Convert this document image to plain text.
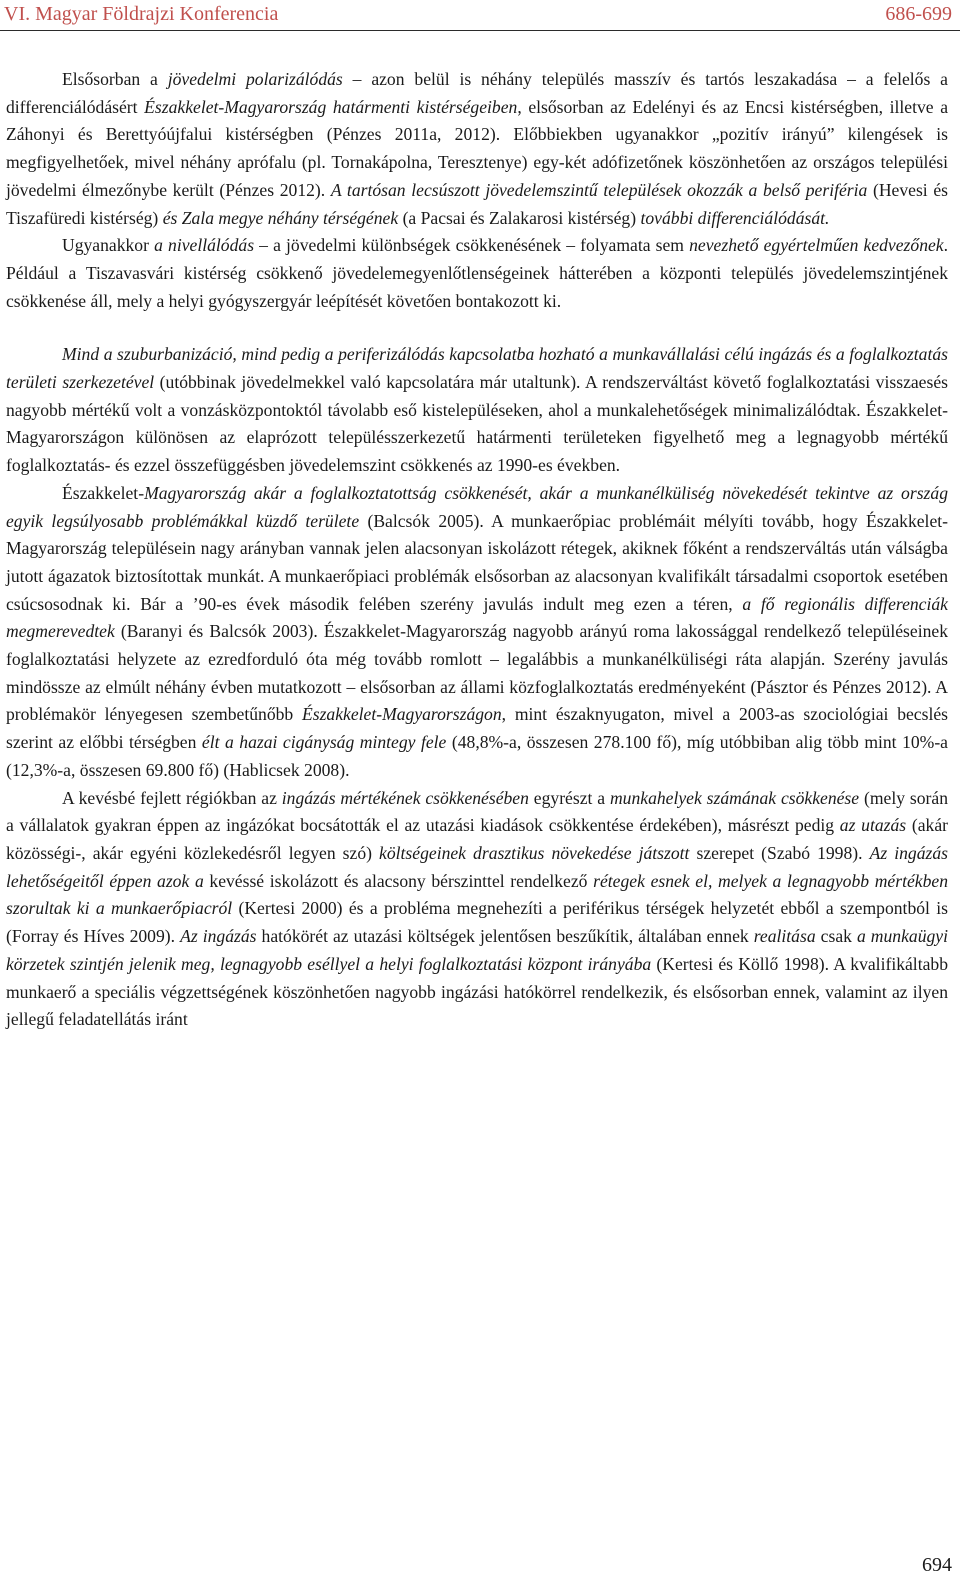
VI. Magyar Földrajzi Konferencia	686-699

Elsősorban a jövedelmi polarizálódás – azon belül is néhány település masszív és tartós leszakadása – a felelős a differenciálódásért Északkelet-Magyarország határmenti kistérségeiben, elsősorban az Edelényi és az Encsi kistérségben, illetve a Záhonyi és Berettyóújfalui kistérségben (Pénzes 2011a, 2012). Előbbiekben ugyanakkor „pozitív irányú” kilengések is megfigyelhetőek, mivel néhány aprófalu (pl. Tornakápolna, Teresztenye) egy-két adófizetőnek köszönhetően az országos települési jövedelmi élmezőnybe került (Pénzes 2012). A tartósan lecsúszott jövedelemszintű települések okozzák a belső periféria (Hevesi és Tiszafüredi kistérség) és Zala megye néhány térségének (a Pacsai és Zalakarosi kistérség) további differenciálódását.

Ugyanakkor a nivellálódás – a jövedelmi különbségek csökkenésének – folyamata sem nevezhető egyértelműen kedvezőnek. Például a Tiszavasvári kistérség csökkenő jövedelemegyenlőtlenségeinek hátterében a központi település jövedelemszintjének csökkenése áll, mely a helyi gyógyszergyár leépítését követően bontakozott ki.

Mind a szuburbanizáció, mind pedig a periferizálódás kapcsolatba hozható a munkavállalási célú ingázás és a foglalkoztatás területi szerkezetével (utóbbinak jövedelmekkel való kapcsolatára már utaltunk). A rendszerváltást követő foglalkoztatási visszaesés nagyobb mértékű volt a vonzásközpontoktól távolabb eső kistelepüléseken, ahol a munkalehetőségek minimalizálódtak. Északkelet-Magyarországon különösen az elaprózott településszerkezetű határmenti területeken figyelhető meg a legnagyobb mértékű foglalkoztatás- és ezzel összefüggésben jövedelemszint csökkenés az 1990-es években.

Északkelet-Magyarország akár a foglalkoztatottság csökkenését, akár a munkanélküliség növekedését tekintve az ország egyik legsúlyosabb problémákkal küzdő területe (Balcsók 2005). A munkaerőpiac problémáit mélyíti tovább, hogy Északkelet-Magyarország településein nagy arányban vannak jelen alacsonyan iskolázott rétegek, akiknek főként a rendszerváltás után válságba jutott ágazatok biztosítottak munkát. A munkaerőpiaci problémák elsősorban az alacsonyan kvalifikált társadalmi csoportok esetében csúcsosodnak ki. Bár a ’90-es évek második felében szerény javulás indult meg ezen a téren, a fő regionális differenciák megmerevedtek (Baranyi és Balcsók 2003). Északkelet-Magyarország nagyobb arányú roma lakossággal rendelkező településeinek foglalkoztatási helyzete az ezredforduló óta még tovább romlott – legalábbis a munkanélküliségi ráta alapján. Szerény javulás mindössze az elmúlt néhány évben mutatkozott – elsősorban az állami közfoglalkoztatás eredményeként (Pásztor és Pénzes 2012). A problémakör lényegesen szembetűnőbb Északkelet-Magyarországon, mint északnyugaton, mivel a 2003-as szociológiai becslés szerint az előbbi térségben élt a hazai cigányság mintegy fele (48,8%-a, összesen 278.100 fő), míg utóbbiban alig több mint 10%-a (12,3%-a, összesen 69.800 fő) (Hablicsek 2008).

A kevésbé fejlett régiókban az ingázás mértékének csökkenésében egyrészt a munkahelyek számának csökkenése (mely során a vállalatok gyakran éppen az ingázókat bocsátották el az utazási kiadások csökkentése érdekében), másrészt pedig az utazás (akár közösségi-, akár egyéni közlekedésről legyen szó) költségeinek drasztikus növekedése játszott szerepet (Szabó 1998). Az ingázás lehetőségeitől éppen azok a kevéssé iskolázott és alacsony bérszinttel rendelkező rétegek esnek el, melyek a legnagyobb mértékben szorultak ki a munkaerőpiacról (Kertesi 2000) és a probléma megnehezíti a periférikus térségek helyzetét ebből a szempontból is (Forray és Híves 2009). Az ingázás hatókörét az utazási költségek jelentősen beszűkítik, általában ennek realitása csak a munkaügyi körzetek szintjén jelenik meg, legnagyobb eséllyel a helyi foglalkoztatási központ irányába (Kertesi és Köllő 1998). A kvalifikáltabb munkaerő a speciális végzettségének köszönhetően nagyobb ingázási hatókörrel rendelkezik, és elsősorban ennek, valamint az ilyen jellegű feladatellátás iránt

694
